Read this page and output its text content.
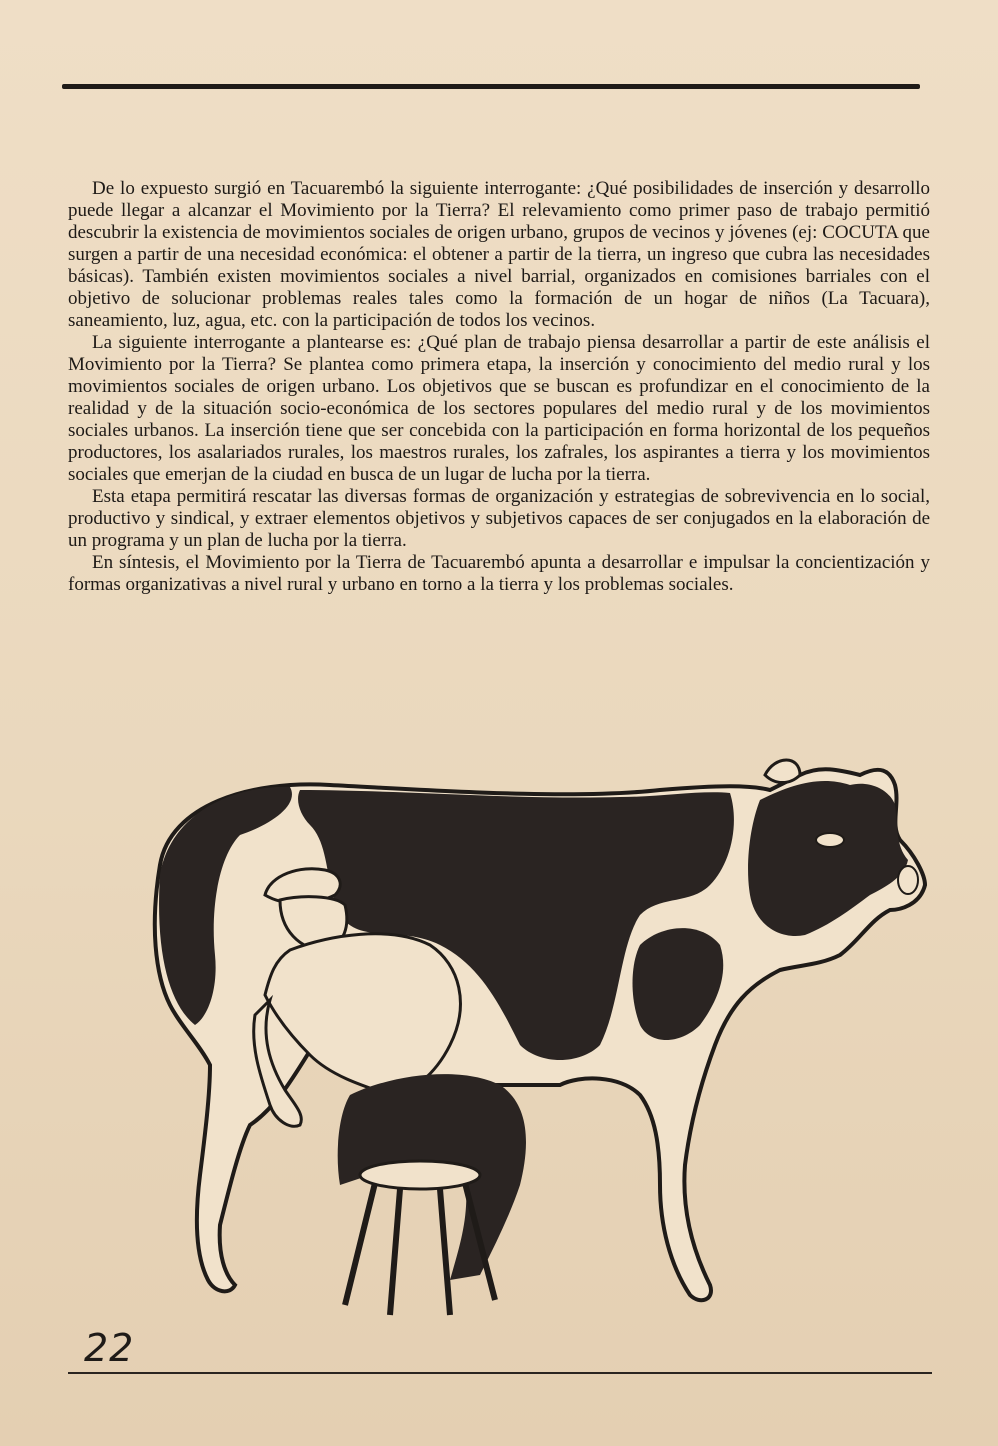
De lo expuesto surgió en Tacuarembó la siguiente interrogante: ¿Qué posibilidades de inserción y desarrollo puede llegar a alcanzar el Movimiento por la Tierra? El relevamiento como primer paso de trabajo permitió descubrir la existencia de movimientos sociales de origen urbano, grupos de vecinos y jóvenes (ej: COCUTA que surgen a partir de una necesidad económica: el obtener a partir de la tierra, un ingreso que cubra las necesidades básicas). También existen movimientos sociales a nivel barrial, organizados en comisiones barriales con el objetivo de solucionar problemas reales tales como la formación de un hogar de niños (La Tacuara), saneamiento, luz, agua, etc. con la participación de todos los vecinos.

La siguiente interrogante a plantearse es: ¿Qué plan de trabajo piensa desarrollar a partir de este análisis el Movimiento por la Tierra? Se plantea como primera etapa, la inserción y conocimiento del medio rural y los movimientos sociales de origen urbano. Los objetivos que se buscan es profundizar en el conocimiento de la realidad y de la situación socio-económica de los sectores populares del medio rural y de los movimientos sociales urbanos. La inserción tiene que ser concebida con la participación en forma horizontal de los pequeños productores, los asalariados rurales, los maestros rurales, los zafrales, los aspirantes a tierra y los movimientos sociales que emerjan de la ciudad en busca de un lugar de lucha por la tierra.

Esta etapa permitirá rescatar las diversas formas de organización y estrategias de sobrevivencia en lo social, productivo y sindical, y extraer elementos objetivos y subjetivos capaces de ser conjugados en la elaboración de un programa y un plan de lucha por la tierra.

En síntesis, el Movimiento por la Tierra de Tacuarembó apunta a desarrollar e impulsar la concientización y formas organizativas a nivel rural y urbano en torno a la tierra y los problemas sociales.

22
